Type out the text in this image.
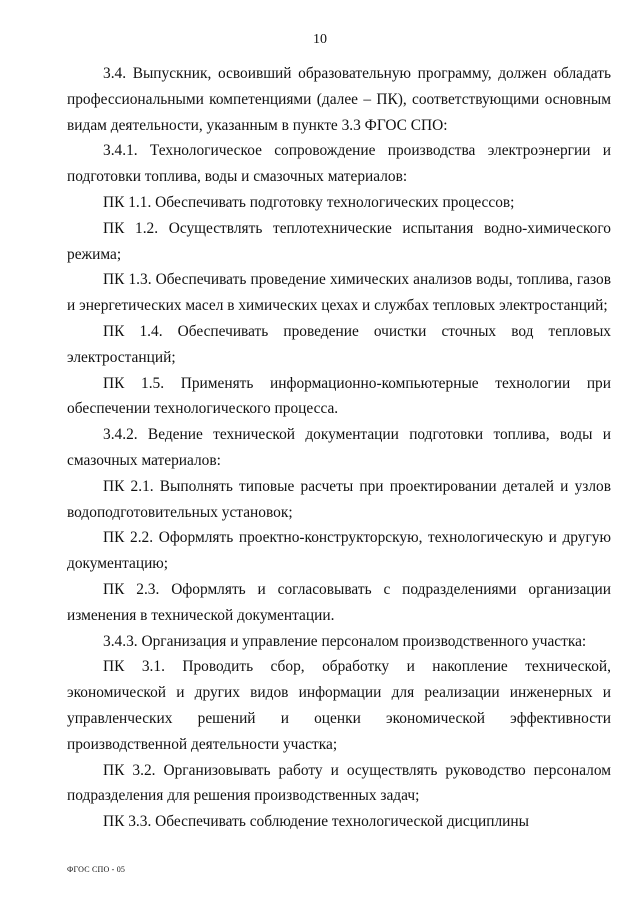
10

3.4. Выпускник, освоивший образовательную программу, должен обладать профессиональными компетенциями (далее – ПК), соответствующими основным видам деятельности, указанным в пункте 3.3 ФГОС СПО:

3.4.1. Технологическое сопровождение производства электроэнергии и подготовки топлива, воды и смазочных материалов:

ПК 1.1. Обеспечивать подготовку технологических процессов;

ПК 1.2. Осуществлять теплотехнические испытания водно-химического режима;

ПК 1.3. Обеспечивать проведение химических анализов воды, топлива, газов и энергетических масел в химических цехах и службах тепловых электростанций;

ПК 1.4. Обеспечивать проведение очистки сточных вод тепловых электростанций;

ПК 1.5. Применять информационно-компьютерные технологии при обеспечении технологического процесса.

3.4.2. Ведение технической документации подготовки топлива, воды и смазочных материалов:

ПК 2.1. Выполнять типовые расчеты при проектировании деталей и узлов водоподготовительных установок;

ПК 2.2. Оформлять проектно-конструкторскую, технологическую и другую документацию;

ПК 2.3. Оформлять и согласовывать с подразделениями организации изменения в технической документации.

3.4.3. Организация и управление персоналом производственного участка:

ПК 3.1. Проводить сбор, обработку и накопление технической, экономической и других видов информации для реализации инженерных и управленческих решений и оценки экономической эффективности производственной деятельности участка;

ПК 3.2. Организовывать работу и осуществлять руководство персоналом подразделения для решения производственных задач;

ПК 3.3. Обеспечивать соблюдение технологической дисциплины

ФГОС СПО - 05
